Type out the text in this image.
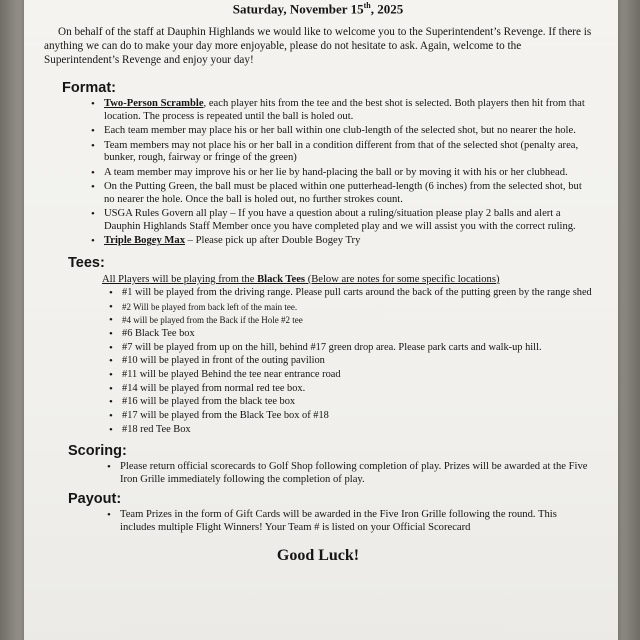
Saturday, November 15th, 2025

On behalf of the staff at Dauphin Highlands we would like to welcome you to the Superintendent’s Revenge. If there is anything we can do to make your day more enjoyable, please do not hesitate to ask. Again, welcome to the Superintendent’s Revenge and enjoy your day!

Format:
• Two-Person Scramble, each player hits from the tee and the best shot is selected. Both players then hit from that location. The process is repeated until the ball is holed out.
• Each team member may place his or her ball within one club-length of the selected shot, but no nearer the hole.
• Team members may not place his or her ball in a condition different from that of the selected shot (penalty area, bunker, rough, fairway or fringe of the green)
• A team member may improve his or her lie by hand-placing the ball or by moving it with his or her clubhead.
• On the Putting Green, the ball must be placed within one putterhead-length (6 inches) from the selected shot, but no nearer the hole. Once the ball is holed out, no further strokes count.
• USGA Rules Govern all play – If you have a question about a ruling/situation please play 2 balls and alert a Dauphin Highlands Staff Member once you have completed play and we will assist you with the correct ruling.
• Triple Bogey Max – Please pick up after Double Bogey Try
Tees:

All Players will be playing from the Black Tees (Below are notes for some specific locations)

• #1 will be played from the driving range. Please pull carts around the back of the putting green by the range shed
• #2 Will be played from back left of the main tee.
• #4 will be played from the Back if the Hole #2 tee
• #6 Black Tee box
• #7 will be played from up on the hill, behind #17 green drop area. Please park carts and walk-up hill.
• #10 will be played in front of the outing pavilion
• #11 will be played Behind the tee near entrance road
• #14 will be played from normal red tee box.
• #16 will be played from the black tee box
• #17 will be played from the Black Tee box of #18
• #18 red Tee Box
Scoring:
• Please return official scorecards to Golf Shop following completion of play. Prizes will be awarded at the Five Iron Grille immediately following the completion of play.
Payout:
• Team Prizes in the form of Gift Cards will be awarded in the Five Iron Grille following the round. This includes multiple Flight Winners! Your Team # is listed on your Official Scorecard
Good Luck!
